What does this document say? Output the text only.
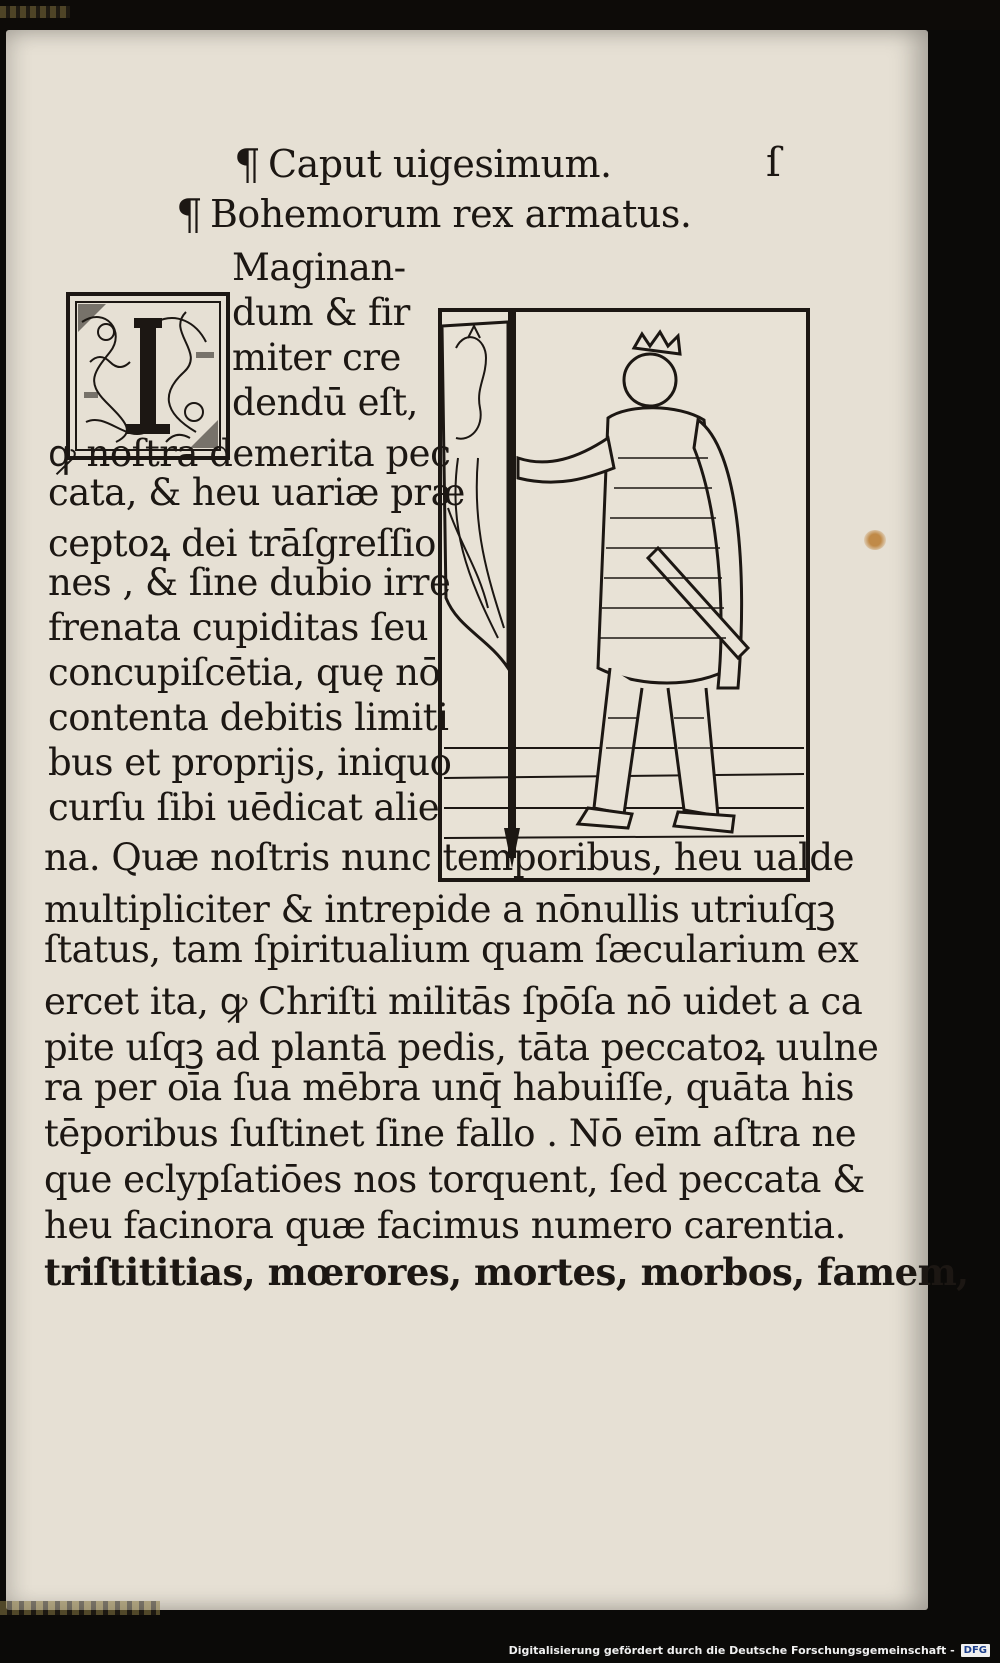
¶ Caput uigesimum.	ſ
¶ Bohemorum rex armatus.
Maginan-
dum & fir
miter cre
dendū eſt,
ꝙ noſtra demerita pec
cata, & heu uariæ præ
ceptoꝝ dei trāſgreſſio
nes , & ſine dubio irre
frenata cupiditas ſeu
concupiſcētia, quę nō
contenta debitis limiti
bus et proprijs, iniquo
curſu ſibi uēdicat alie
na. Quæ noſtris nunc temporibus, heu ualde
multipliciter & intrepide a nōnullis utriuſqꝫ
ſtatus, tam ſpiritualium quam ſæcularium ex
ercet ita, ꝙ Chriſti militās ſpōſa nō uidet a ca
pite uſqꝫ ad plantā pedis, tāta peccatoꝝ uulne
ra per oīa ſua mēbra unq̄ habuiſſe, quāta his
tēporibus ſuſtinet ſine fallo . Nō eīm aſtra ne
que eclypſatiōes nos torquent, ſed peccata &
heu facinora quæ facimus numero carentia.
triſtititias, mœrores, mortes, morbos, famem,
Digitalisierung gefördert durch die Deutsche Forschungsgemeinschaft - DFG
